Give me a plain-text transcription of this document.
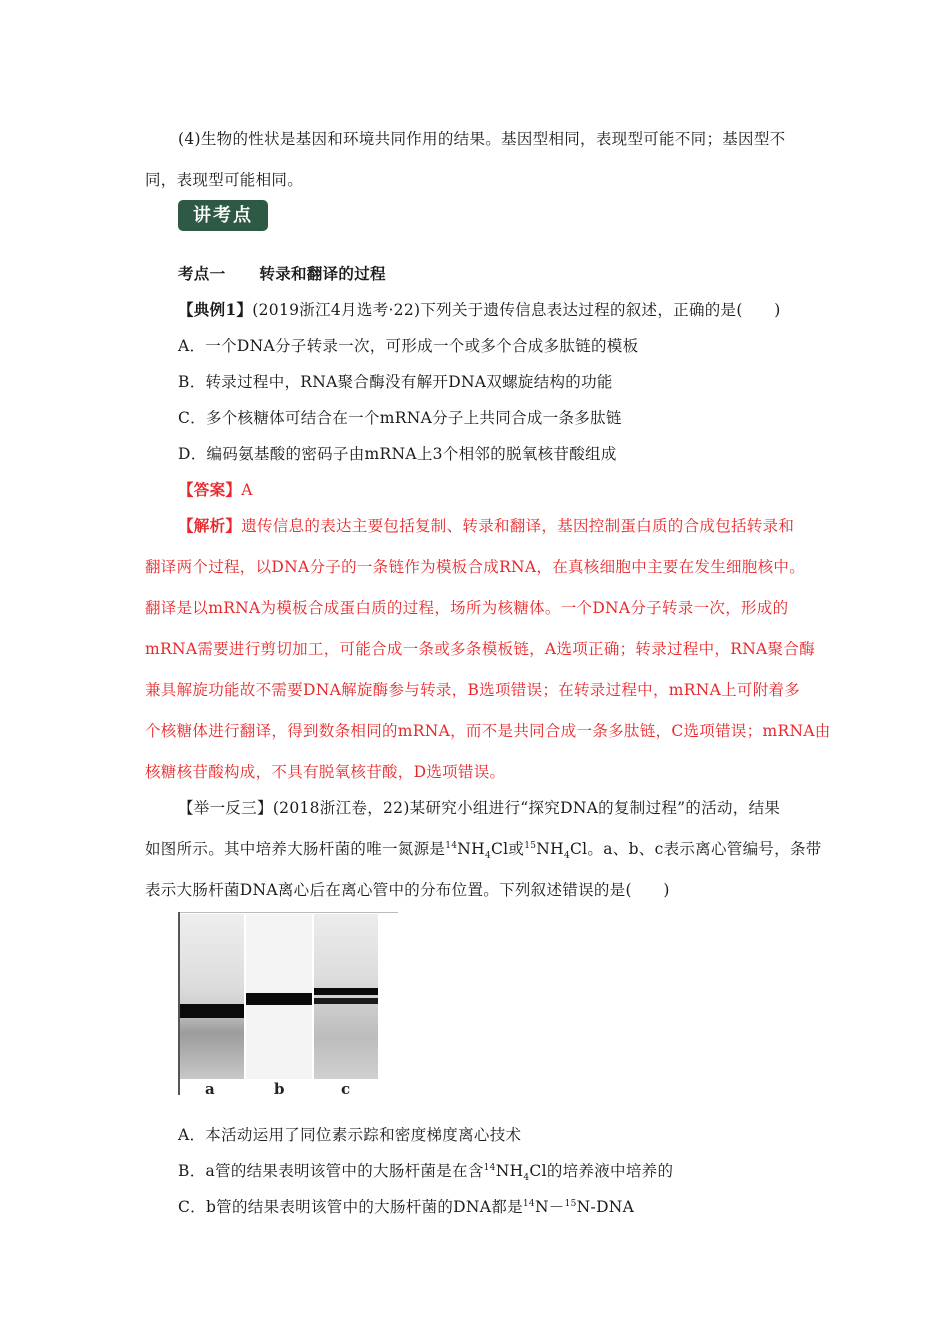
(4)生物的性状是基因和环境共同作用的结果。基因型相同，表现型可能不同；基因型不
同，表现型可能相同。
讲考点
考点一 转录和翻译的过程
【典例1】(2019浙江4月选考·22)下列关于遗传信息表达过程的叙述，正确的是(　　)
A．一个DNA分子转录一次，可形成一个或多个合成多肽链的模板
B．转录过程中，RNA聚合酶没有解开DNA双螺旋结构的功能
C．多个核糖体可结合在一个mRNA分子上共同合成一条多肽链
D．编码氨基酸的密码子由mRNA上3个相邻的脱氧核苷酸组成
【答案】A
【解析】遗传信息的表达主要包括复制、转录和翻译，基因控制蛋白质的合成包括转录和
翻译两个过程，以DNA分子的一条链作为模板合成RNA，在真核细胞中主要在发生细胞核中。
翻译是以mRNA为模板合成蛋白质的过程，场所为核糖体。一个DNA分子转录一次，形成的
mRNA需要进行剪切加工，可能合成一条或多条模板链，A选项正确；转录过程中，RNA聚合酶
兼具解旋功能故不需要DNA解旋酶参与转录，B选项错误；在转录过程中，mRNA上可附着多
个核糖体进行翻译，得到数条相同的mRNA，而不是共同合成一条多肽链，C选项错误；mRNA由
核糖核苷酸构成，不具有脱氧核苷酸，D选项错误。
【举一反三】(2018浙江卷，22)某研究小组进行“探究DNA的复制过程”的活动，结果
如图所示。其中培养大肠杆菌的唯一氮源是$^{14}NH_4Cl$或$^{15}NH_4Cl$。a、b、c表示离心管编号，条带
表示大肠杆菌DNA离心后在离心管中的分布位置。下列叙述错误的是(　　)
a	b	c
A．本活动运用了同位素示踪和密度梯度离心技术
B．a管的结果表明该管中的大肠杆菌是在含$^{14}NH_4Cl$的培养液中培养的
C．b管的结果表明该管中的大肠杆菌的DNA都是$^{14}$N－$^{15}$N-DNA
